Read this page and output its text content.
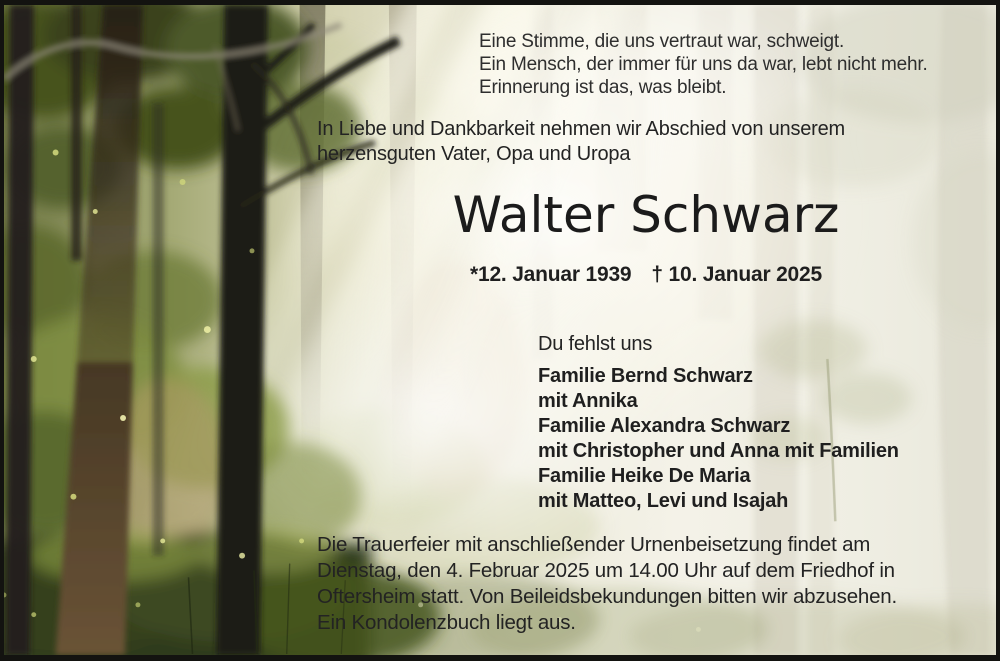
Eine Stimme, die uns vertraut war, schweigt.
Ein Mensch, der immer für uns da war, lebt nicht mehr.
Erinnerung ist das, was bleibt.
In Liebe und Dankbarkeit nehmen wir Abschied von unserem
herzensguten Vater, Opa und Uropa
Walter Schwarz
*12. Januar 1939 † 10. Januar 2025
Du fehlst uns
Familie Bernd Schwarz
mit Annika
Familie Alexandra Schwarz
mit Christopher und Anna mit Familien
Familie Heike De Maria
mit Matteo, Levi und Isajah
Die Trauerfeier mit anschließender Urnenbeisetzung findet am
Dienstag, den 4. Februar 2025 um 14.00 Uhr auf dem Friedhof in
Oftersheim statt. Von Beileidsbekundungen bitten wir abzusehen.
Ein Kondolenzbuch liegt aus.
